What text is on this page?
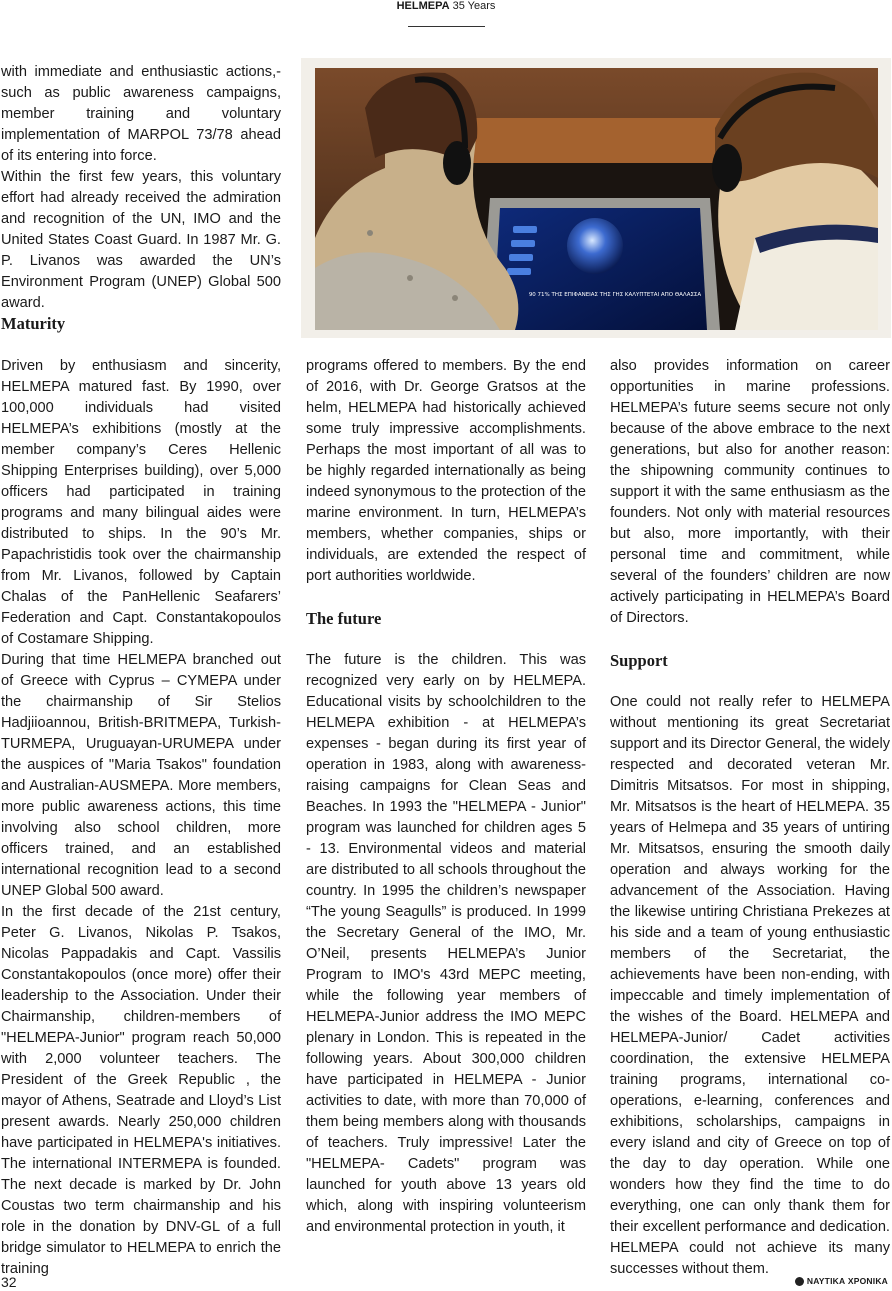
HELMEPA 35 Years

with immediate and enthusiastic actions,- such as public awareness campaigns, member training and voluntary implementation of MARPOL 73/78 ahead of its entering into force.

Within the first few years, this voluntary effort had already received the admiration and recognition of the UN, IMO and the United States Coast Guard. In 1987 Mr. G. P. Livanos was awarded the UN’s Environment Program (UNEP) Global 500 award.	90 71% ΤΗΣ ΕΠΙΦΑΝΕΙΑΣ ΤΗΣ ΓΗΣ ΚΑΛΥΠΤΕΤΑΙ ΑΠΟ ΘΑΛΑΣΣΑ
Maturity

Driven by enthusiasm and sincerity, HELMEPA matured fast. By 1990, over 100,000 individuals had visited HELMEPA’s exhibitions (mostly at the member company’s Ceres Hellenic Shipping Enterprises building), over 5,000 officers had participated in training programs and many bilingual aides were distributed to ships. In the 90’s Mr. Papachristidis took over the chairmanship from Mr. Livanos, followed by Captain Chalas of the PanHellenic Seafarers’ Federation and Capt. Constantakopoulos of Costamare Shipping.

During that time HELMEPA branched out of Greece with Cyprus – CYMEPA under the chairmanship of Sir Stelios Hadjiioannou, British-BRITMEPA, Turkish-TURMEPA, Uruguayan-URUMEPA under the auspices of "Maria Tsakos" foundation and Australian-AUSMEPA. More members, more public awareness actions, this time involving also school children, more officers trained, and an established international recognition lead to a second UNEP Global 500 award.

In the first decade of the 21st century, Peter G. Livanos, Nikolas P. Tsakos, Nicolas Pappadakis and Capt. Vassilis Constantakopoulos (once more) offer their leadership to the Association. Under their Chairmanship, children-members of "HELMEPA-Junior" program reach 50,000 with 2,000 volunteer teachers. The President of the Greek Republic , the mayor of Athens, Seatrade and Lloyd’s List present awards. Nearly 250,000 children have participated in HELMEPA's initiatives. The international INTERMEPA is founded. The next decade is marked by Dr. John Coustas two term chairmanship and his role in the donation by DNV-GL of a full bridge simulator to HELMEPA to enrich the training

programs offered to members. By the end of 2016, with Dr. George Gratsos at the helm, HELMEPA had historically achieved some truly impressive accomplishments. Perhaps the most important of all was to be highly regarded internationally as being indeed synonymous to the protection of the marine environment. In turn, HELMEPA’s members, whether companies, ships or individuals, are extended the respect of port authorities worldwide.

The future

The future is the children. This was recognized very early on by HELMEPA. Educational visits by schoolchildren to the HELMEPA exhibition - at HELMEPA’s expenses - began during its first year of operation in 1983, along with awareness-raising campaigns for Clean Seas and Beaches. In 1993 the "HELMEPA - Junior" program was launched for children ages 5 - 13. Environmental videos and material are distributed to all schools throughout the country. In 1995 the children’s newspaper “The young Seagulls” is produced. In 1999 the Secretary General of the IMO, Mr. O’Neil, presents HELMEPA’s Junior Program to IMO's 43rd MEPC meeting, while the following year members of HELMEPA-Junior address the IMO MEPC plenary in London. This is repeated in the following years. About 300,000 children have participated in HELMEPA - Junior activities to date, with more than 70,000 of them being members along with thousands of teachers. Truly impressive! Later the "HELMEPA- Cadets" program was launched for youth above 13 years old which, along with inspiring volunteerism and environmental protection in youth, it

also provides information on career opportunities in marine professions. HELMEPA’s future seems secure not only because of the above embrace to the next generations, but also for another reason: the shipowning community continues to support it with the same enthusiasm as the founders. Not only with material resources but also, more importantly, with their personal time and commitment, while several of the founders’ children are now actively participating in HELMEPA’s Board of Directors.

Support

One could not really refer to HELMEPA without mentioning its great Secretariat support and its Director General, the widely respected and decorated veteran Mr. Dimitris Mitsatsos. For most in shipping, Mr. Mitsatsos is the heart of HELMEPA. 35 years of Helmepa and 35 years of untiring Mr. Mitsatsos, ensuring the smooth daily operation and always working for the advancement of the Association. Having the likewise untiring Christiana Prekezes at his side and a team of young enthusiastic members of the Secretariat, the achievements have been non-ending, with impeccable and timely implementation of the wishes of the Board. HELMEPA and HELMEPA-Junior/ Cadet activities coordination, the extensive HELMEPA training programs, international co-operations, e-learning, conferences and exhibitions, scholarships, campaigns in every island and city of Greece on top of the day to day operation. While one wonders how they find the time to do everything, one can only thank them for their excellent performance and dedication. HELMEPA could not achieve its many successes without them.

32	ΝΑΥΤΙΚΑ ΧΡΟΝΙΚΑ
